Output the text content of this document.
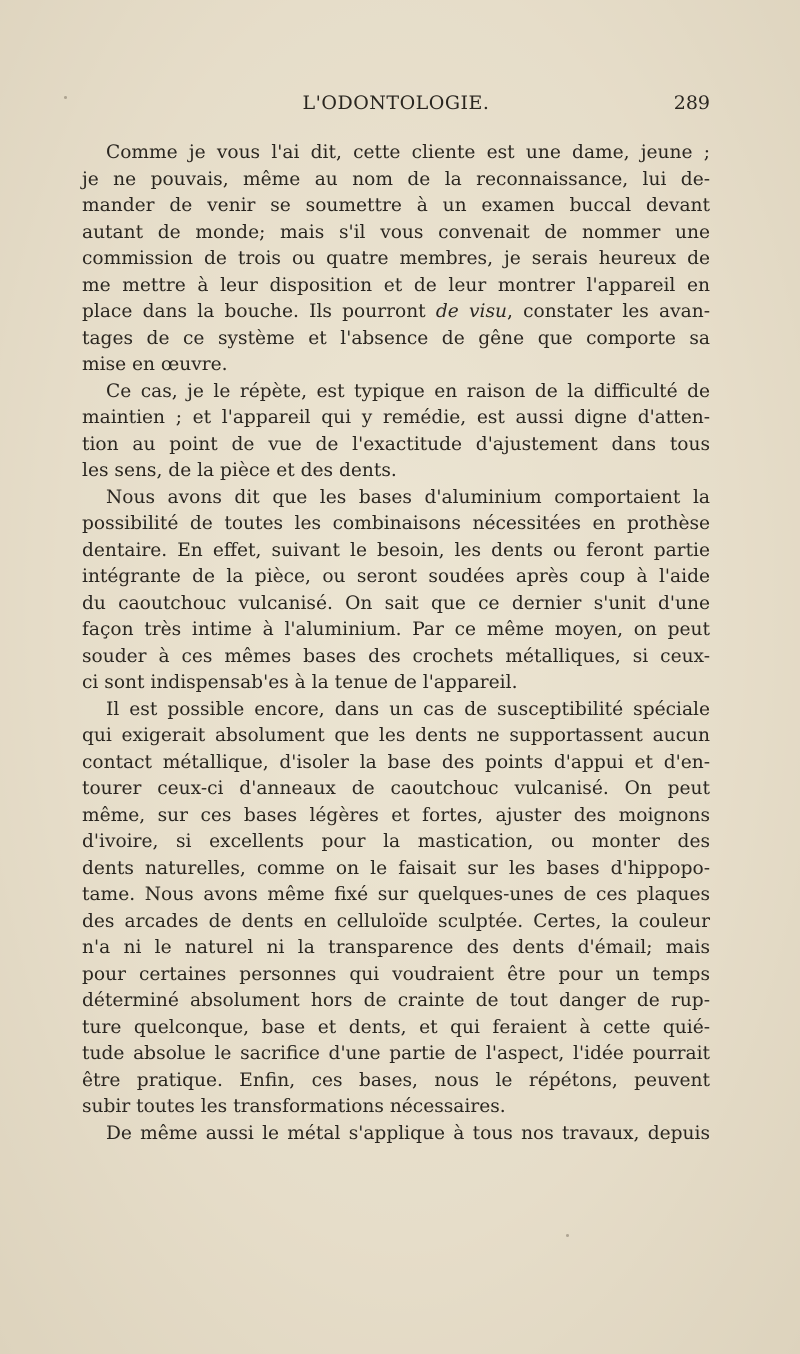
L'ODONTOLOGIE.	289
Comme je vous l'ai dit, cette cliente est une dame, jeune ;
je ne pouvais, même au nom de la reconnaissance, lui de-
mander de venir se soumettre à un examen buccal devant
autant de monde; mais s'il vous convenait de nommer une
commission de trois ou quatre membres, je serais heureux de
me mettre à leur disposition et de leur montrer l'appareil en
place dans la bouche. Ils pourront de visu, constater les avan-
tages de ce système et l'absence de gêne que comporte sa
mise en œuvre.
Ce cas, je le répète, est typique en raison de la difficulté de
maintien ; et l'appareil qui y remédie, est aussi digne d'atten-
tion au point de vue de l'exactitude d'ajustement dans tous
les sens, de la pièce et des dents.
Nous avons dit que les bases d'aluminium comportaient la
possibilité de toutes les combinaisons nécessitées en prothèse
dentaire. En effet, suivant le besoin, les dents ou feront partie
intégrante de la pièce, ou seront soudées après coup à l'aide
du caoutchouc vulcanisé. On sait que ce dernier s'unit d'une
façon très intime à l'aluminium. Par ce même moyen, on peut
souder à ces mêmes bases des crochets métalliques, si ceux-
ci sont indispensab'es à la tenue de l'appareil.
Il est possible encore, dans un cas de susceptibilité spéciale
qui exigerait absolument que les dents ne supportassent aucun
contact métallique, d'isoler la base des points d'appui et d'en-
tourer ceux-ci d'anneaux de caoutchouc vulcanisé. On peut
même, sur ces bases légères et fortes, ajuster des moignons
d'ivoire, si excellents pour la mastication, ou monter des
dents naturelles, comme on le faisait sur les bases d'hippopo-
tame. Nous avons même fixé sur quelques-unes de ces plaques
des arcades de dents en celluloïde sculptée. Certes, la couleur
n'a ni le naturel ni la transparence des dents d'émail; mais
pour certaines personnes qui voudraient être pour un temps
déterminé absolument hors de crainte de tout danger de rup-
ture quelconque, base et dents, et qui feraient à cette quié-
tude absolue le sacrifice d'une partie de l'aspect, l'idée pourrait
être pratique. Enfin, ces bases, nous le répétons, peuvent
subir toutes les transformations nécessaires.
De même aussi le métal s'applique à tous nos travaux, depuis
